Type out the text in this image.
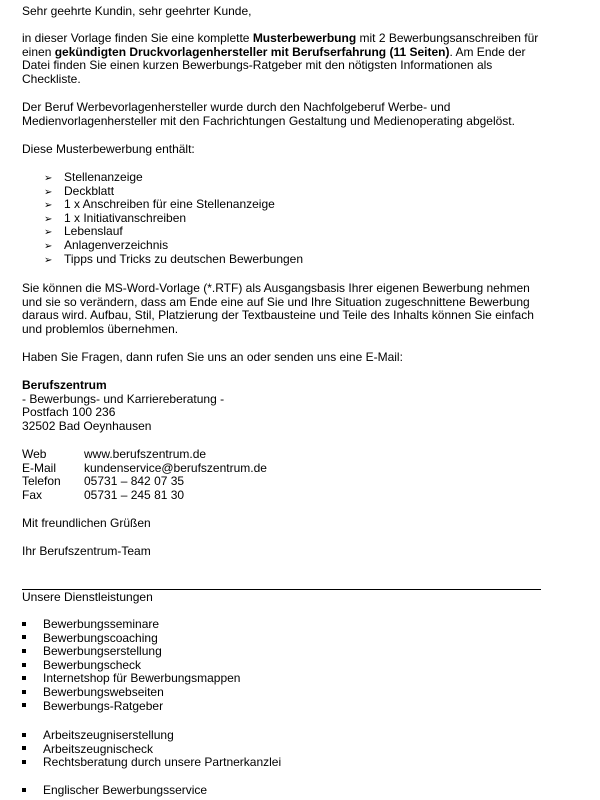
Sehr geehrte Kundin, sehr geehrter Kunde,

in dieser Vorlage finden Sie eine komplette Musterbewerbung mit 2 Bewerbungsanschreiben für
einen gekündigten Druckvorlagenhersteller mit Berufserfahrung (11 Seiten). Am Ende der
Datei finden Sie einen kurzen Bewerbungs-Ratgeber mit den nötigsten Informationen als
Checkliste.

Der Beruf Werbevorlagenhersteller wurde durch den Nachfolgeberuf Werbe- und
Medienvorlagenhersteller mit den Fachrichtungen Gestaltung und Medienoperating abgelöst.

Diese Musterbewerbung enthält:

➢ Stellenanzeige
➢ Deckblatt
➢ 1 x Anschreiben für eine Stellenanzeige
➢ 1 x Initiativanschreiben
➢ Lebenslauf
➢ Anlagenverzeichnis
➢ Tipps und Tricks zu deutschen Bewerbungen

Sie können die MS-Word-Vorlage (*.RTF) als Ausgangsbasis Ihrer eigenen Bewerbung nehmen
und sie so verändern, dass am Ende eine auf Sie und Ihre Situation zugeschnittene Bewerbung
daraus wird. Aufbau, Stil, Platzierung der Textbausteine und Teile des Inhalts können Sie einfach
und problemlos übernehmen.

Haben Sie Fragen, dann rufen Sie uns an oder senden uns eine E-Mail:

Berufszentrum
- Bewerbungs- und Karriereberatung -
Postfach 100 236
32502 Bad Oeynhausen

Web	www.berufszentrum.de
E-Mail	kundenservice@berufszentrum.de
Telefon	05731 – 842 07 35
Fax	05731 – 245 81 30

Mit freundlichen Grüßen

Ihr Berufszentrum-Team

Unsere Dienstleistungen
Bewerbungsseminare
Bewerbungscoaching
Bewerbungserstellung
Bewerbungscheck
Internetshop für Bewerbungsmappen
Bewerbungswebseiten
Bewerbungs-Ratgeber
Arbeitszeugniserstellung
Arbeitszeugnischeck
Rechtsberatung durch unsere Partnerkanzlei
Englischer Bewerbungsservice
